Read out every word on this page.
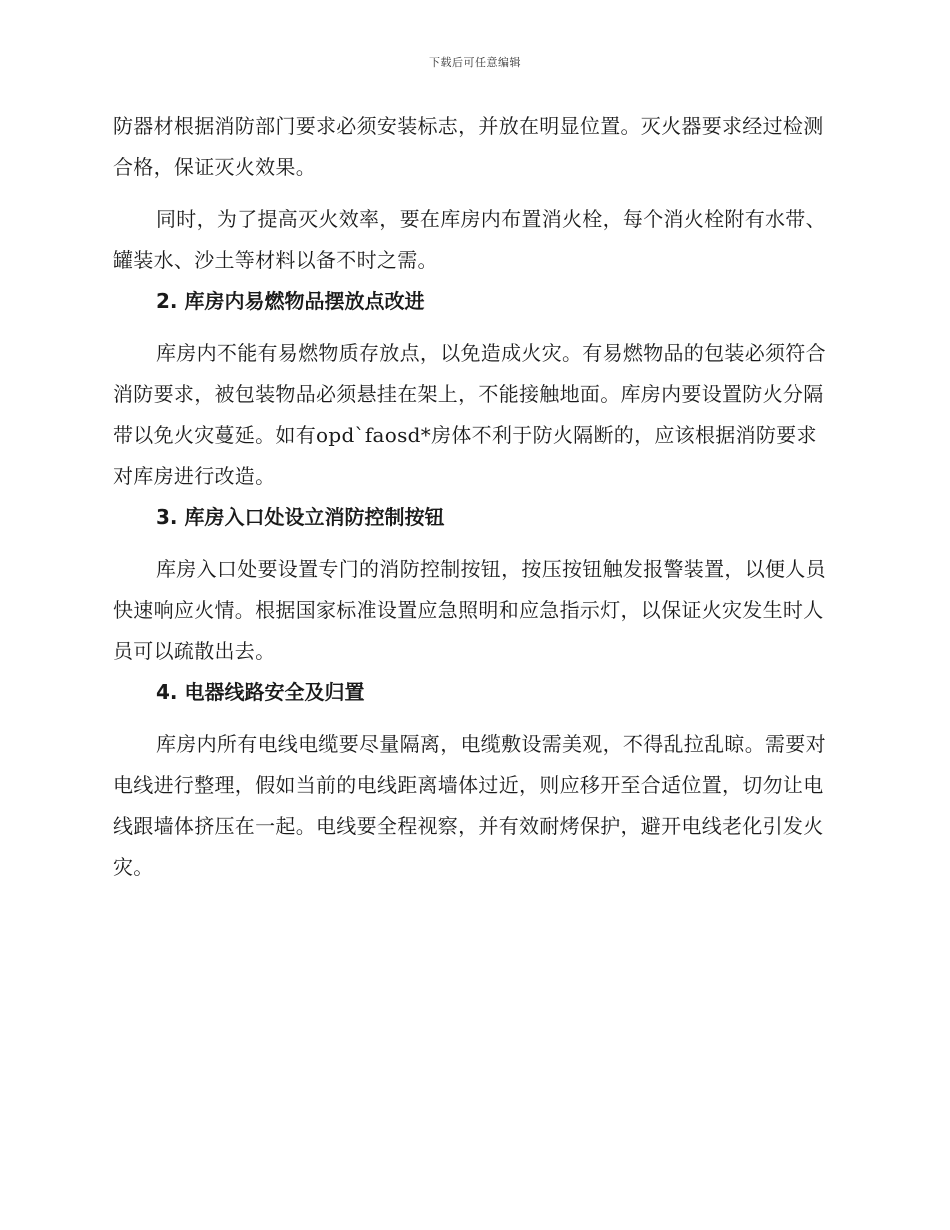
下载后可任意编辑

防器材根据消防部门要求必须安装标志，并放在明显位置。灭火器要求经过检测合格，保证灭火效果。

同时，为了提高灭火效率，要在库房内布置消火栓，每个消火栓附有水带、罐装水、沙土等材料以备不时之需。

2. 库房内易燃物品摆放点改进

库房内不能有易燃物质存放点，以免造成火灾。有易燃物品的包装必须符合消防要求，被包装物品必须悬挂在架上，不能接触地面。库房内要设置防火分隔带以免火灾蔓延。如有opd`faosd*房体不利于防火隔断的，应该根据消防要求对库房进行改造。

3. 库房入口处设立消防控制按钮

库房入口处要设置专门的消防控制按钮，按压按钮触发报警装置，以便人员快速响应火情。根据国家标准设置应急照明和应急指示灯，以保证火灾发生时人员可以疏散出去。

4. 电器线路安全及归置

库房内所有电线电缆要尽量隔离，电缆敷设需美观，不得乱拉乱晾。需要对电线进行整理，假如当前的电线距离墙体过近，则应移开至合适位置，切勿让电线跟墙体挤压在一起。电线要全程视察，并有效耐烤保护，避开电线老化引发火灾。
